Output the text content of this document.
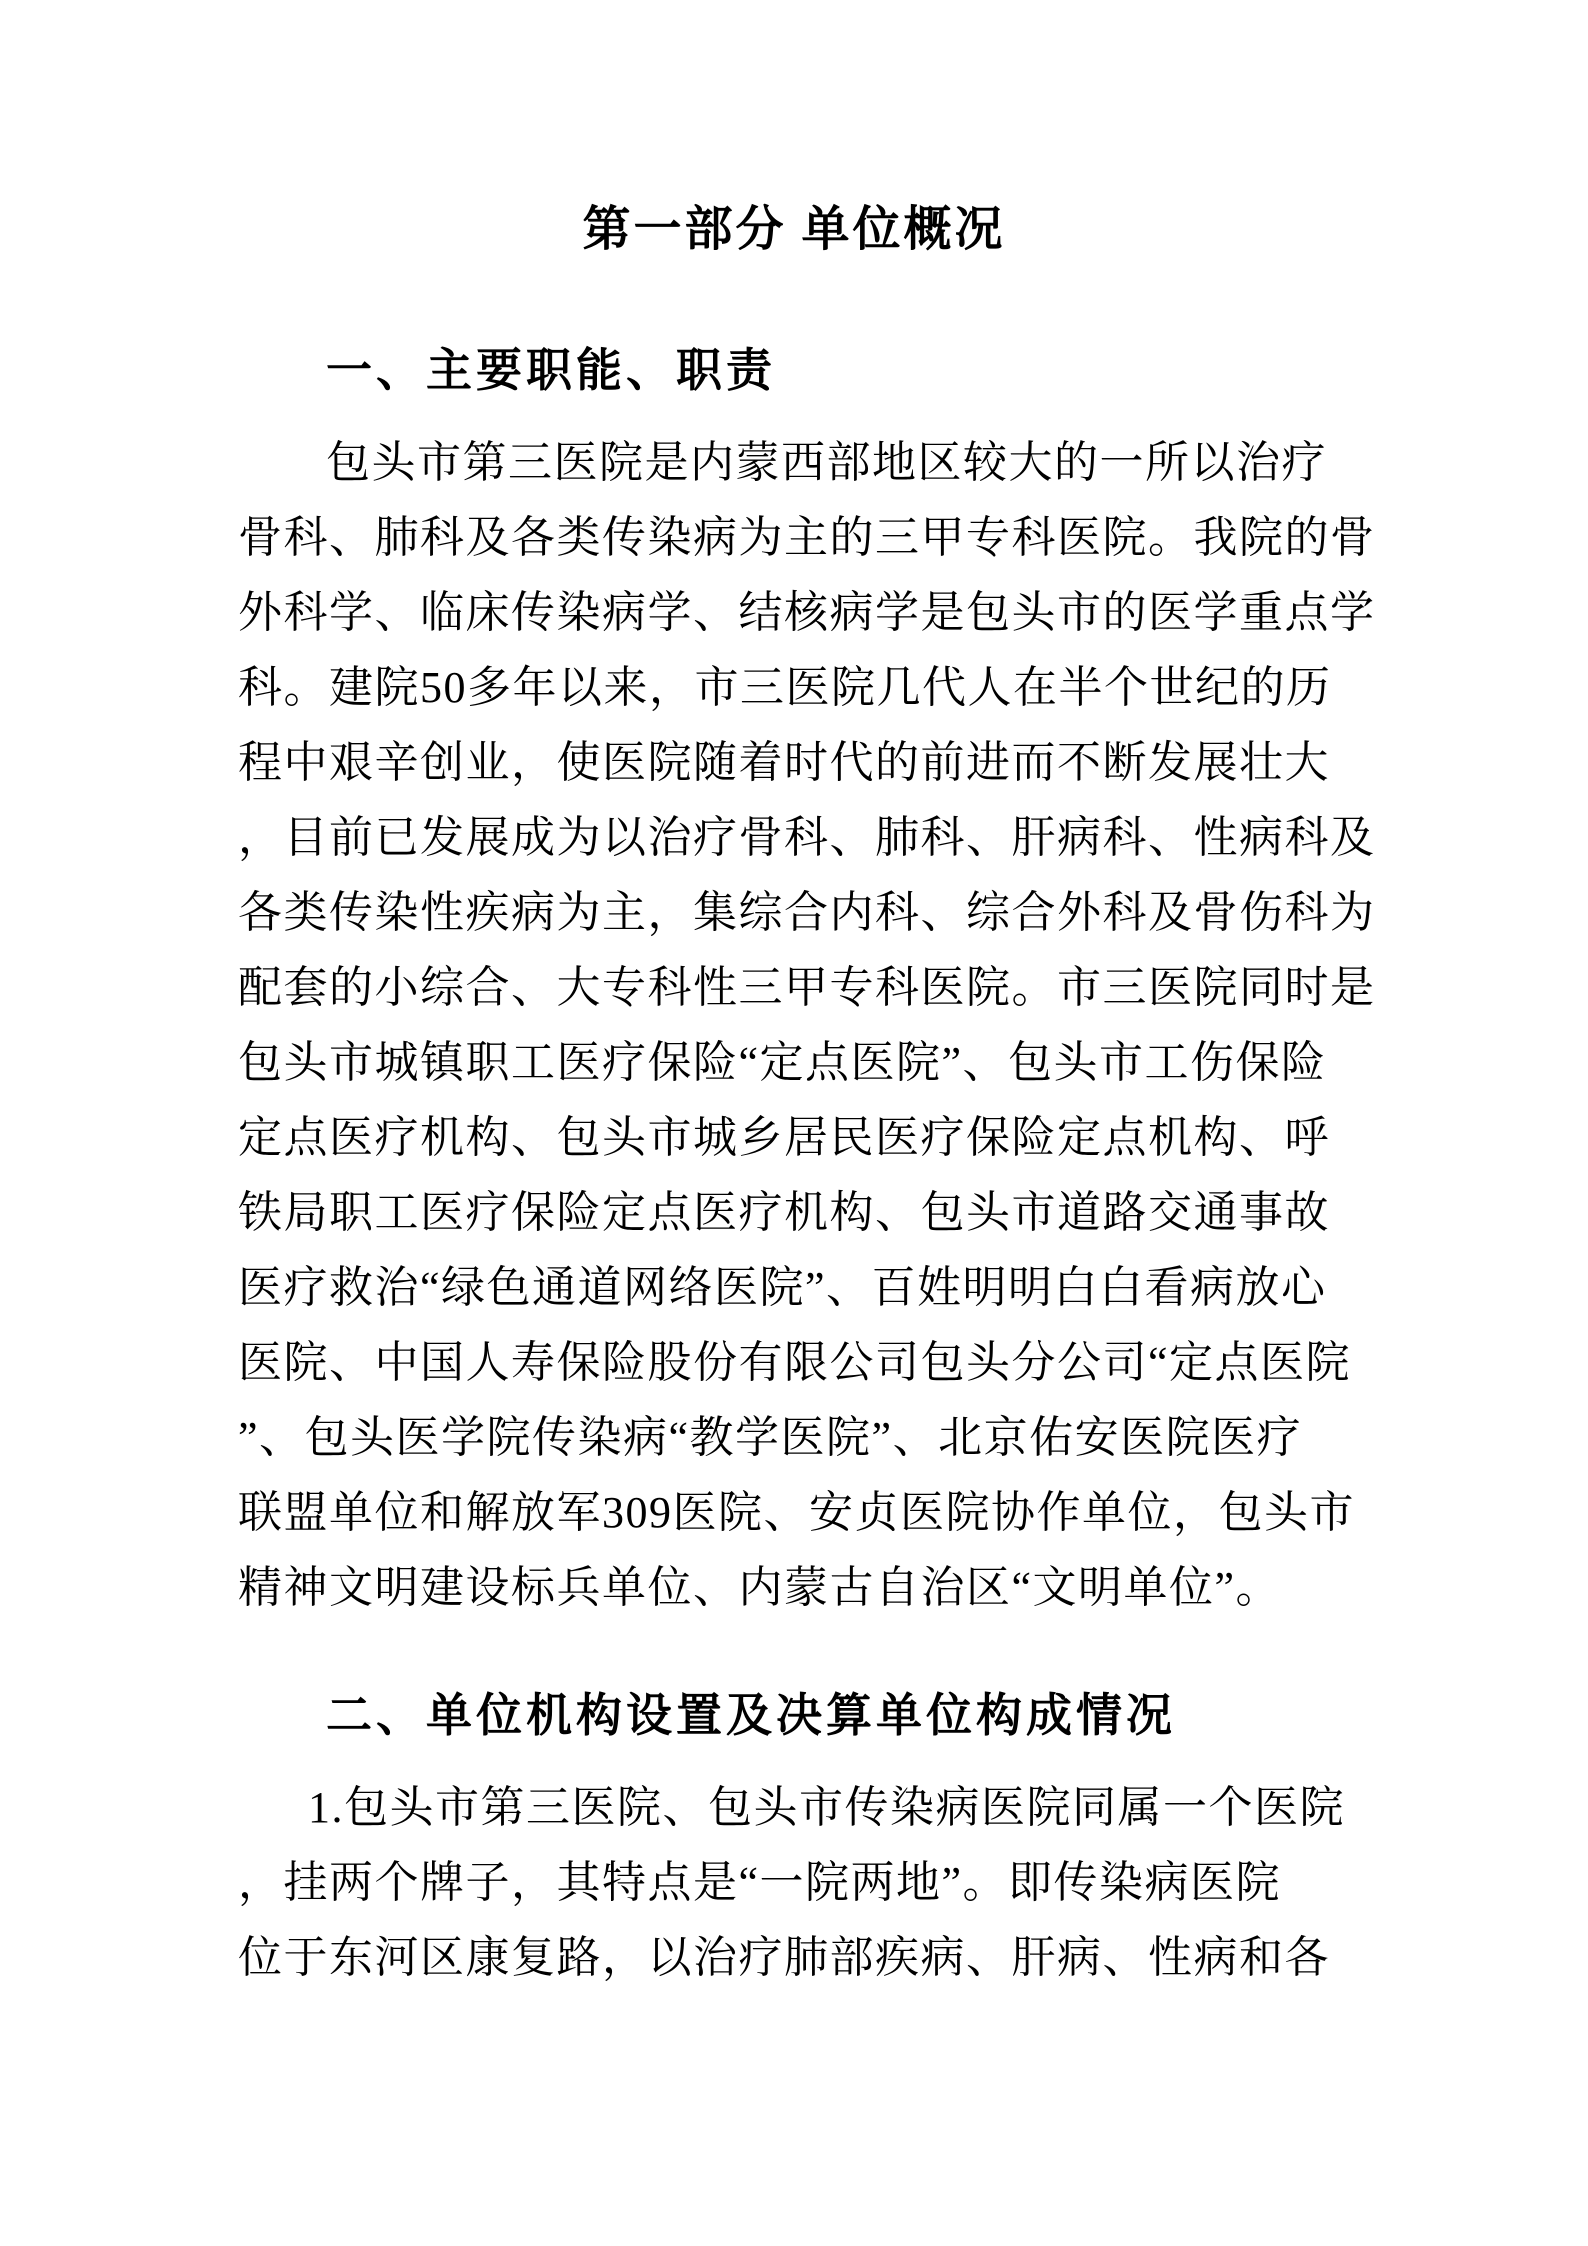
第一部分 单位概况
一、主要职能、职责
包头市第三医院是内蒙西部地区较大的一所以治疗
骨科、肺科及各类传染病为主的三甲专科医院。我院的骨
外科学、临床传染病学、结核病学是包头市的医学重点学
科。建院50多年以来，市三医院几代人在半个世纪的历
程中艰辛创业，使医院随着时代的前进而不断发展壮大
，目前已发展成为以治疗骨科、肺科、肝病科、性病科及
各类传染性疾病为主，集综合内科、综合外科及骨伤科为
配套的小综合、大专科性三甲专科医院。市三医院同时是
包头市城镇职工医疗保险“定点医院”、包头市工伤保险
定点医疗机构、包头市城乡居民医疗保险定点机构、呼
铁局职工医疗保险定点医疗机构、包头市道路交通事故
医疗救治“绿色通道网络医院”、百姓明明白白看病放心
医院、中国人寿保险股份有限公司包头分公司“定点医院
”、包头医学院传染病“教学医院”、北京佑安医院医疗
联盟单位和解放军309医院、安贞医院协作单位，包头市
精神文明建设标兵单位、内蒙古自治区“文明单位”。
二、单位机构设置及决算单位构成情况
1.包头市第三医院、包头市传染病医院同属一个医院
，挂两个牌子，其特点是“一院两地”。即传染病医院
位于东河区康复路，以治疗肺部疾病、肝病、性病和各
